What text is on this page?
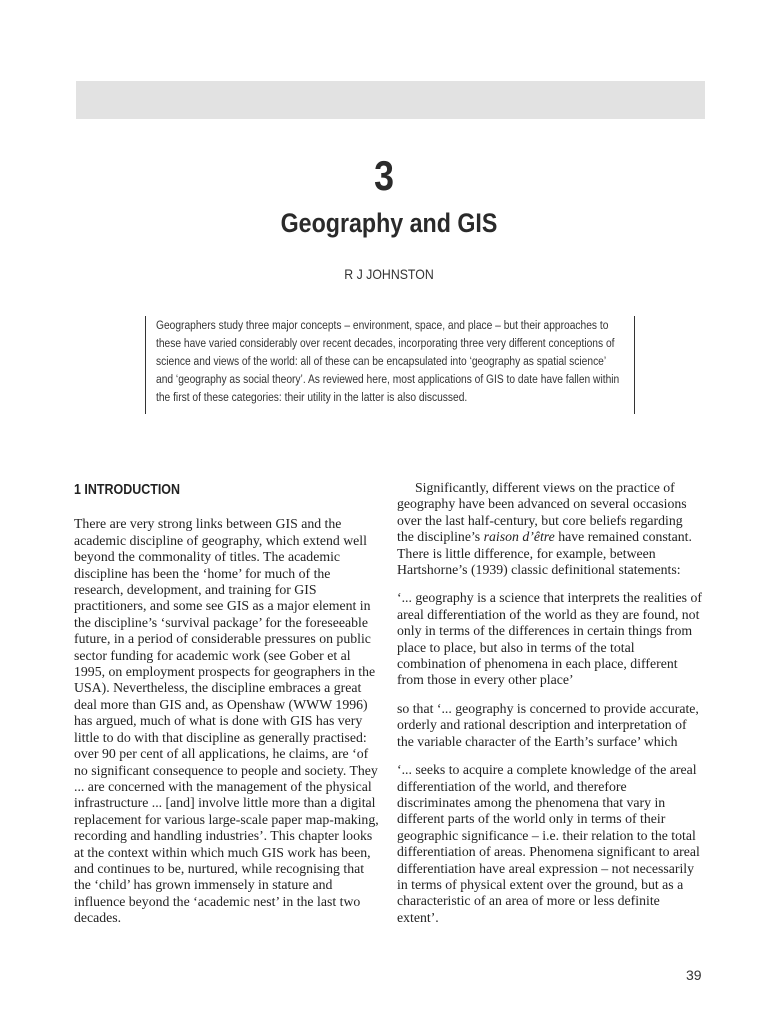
3
Geography and GIS
R J JOHNSTON
Geographers study three major concepts – environment, space, and place – but their approaches to these have varied considerably over recent decades, incorporating three very different conceptions of science and views of the world: all of these can be encapsulated into ‘geography as spatial science’ and ‘geography as social theory’. As reviewed here, most applications of GIS to date have fallen within the first of these categories: their utility in the latter is also discussed.
1 INTRODUCTION

There are very strong links between GIS and the academic discipline of geography, which extend well beyond the commonality of titles. The academic discipline has been the ‘home’ for much of the research, development, and training for GIS practitioners, and some see GIS as a major element in the discipline’s ‘survival package’ for the foreseeable future, in a period of considerable pressures on public sector funding for academic work (see Gober et al 1995, on employment prospects for geographers in the USA). Nevertheless, the discipline embraces a great deal more than GIS and, as Openshaw (WWW 1996) has argued, much of what is done with GIS has very little to do with that discipline as generally practised: over 90 per cent of all applications, he claims, are ‘of no significant consequence to people and society. They ... are concerned with the management of the physical infrastructure ... [and] involve little more than a digital replacement for various large-scale paper map-making, recording and handling industries’. This chapter looks at the context within which much GIS work has been, and continues to be, nurtured, while recognising that the ‘child’ has grown immensely in stature and influence beyond the ‘academic nest’ in the last two decades.

Significantly, different views on the practice of geography have been advanced on several occasions over the last half-century, but core beliefs regarding the discipline’s raison d’être have remained constant. There is little difference, for example, between Hartshorne’s (1939) classic definitional statements:

‘... geography is a science that interprets the realities of areal differentiation of the world as they are found, not only in terms of the differences in certain things from place to place, but also in terms of the total combination of phenomena in each place, different from those in every other place’

so that ‘... geography is concerned to provide accurate, orderly and rational description and interpretation of the variable character of the Earth’s surface’ which

‘... seeks to acquire a complete knowledge of the areal differentiation of the world, and therefore discriminates among the phenomena that vary in different parts of the world only in terms of their geographic significance – i.e. their relation to the total differentiation of areas. Phenomena significant to areal differentiation have areal expression – not necessarily in terms of physical extent over the ground, but as a characteristic of an area of more or less definite extent’.

39
